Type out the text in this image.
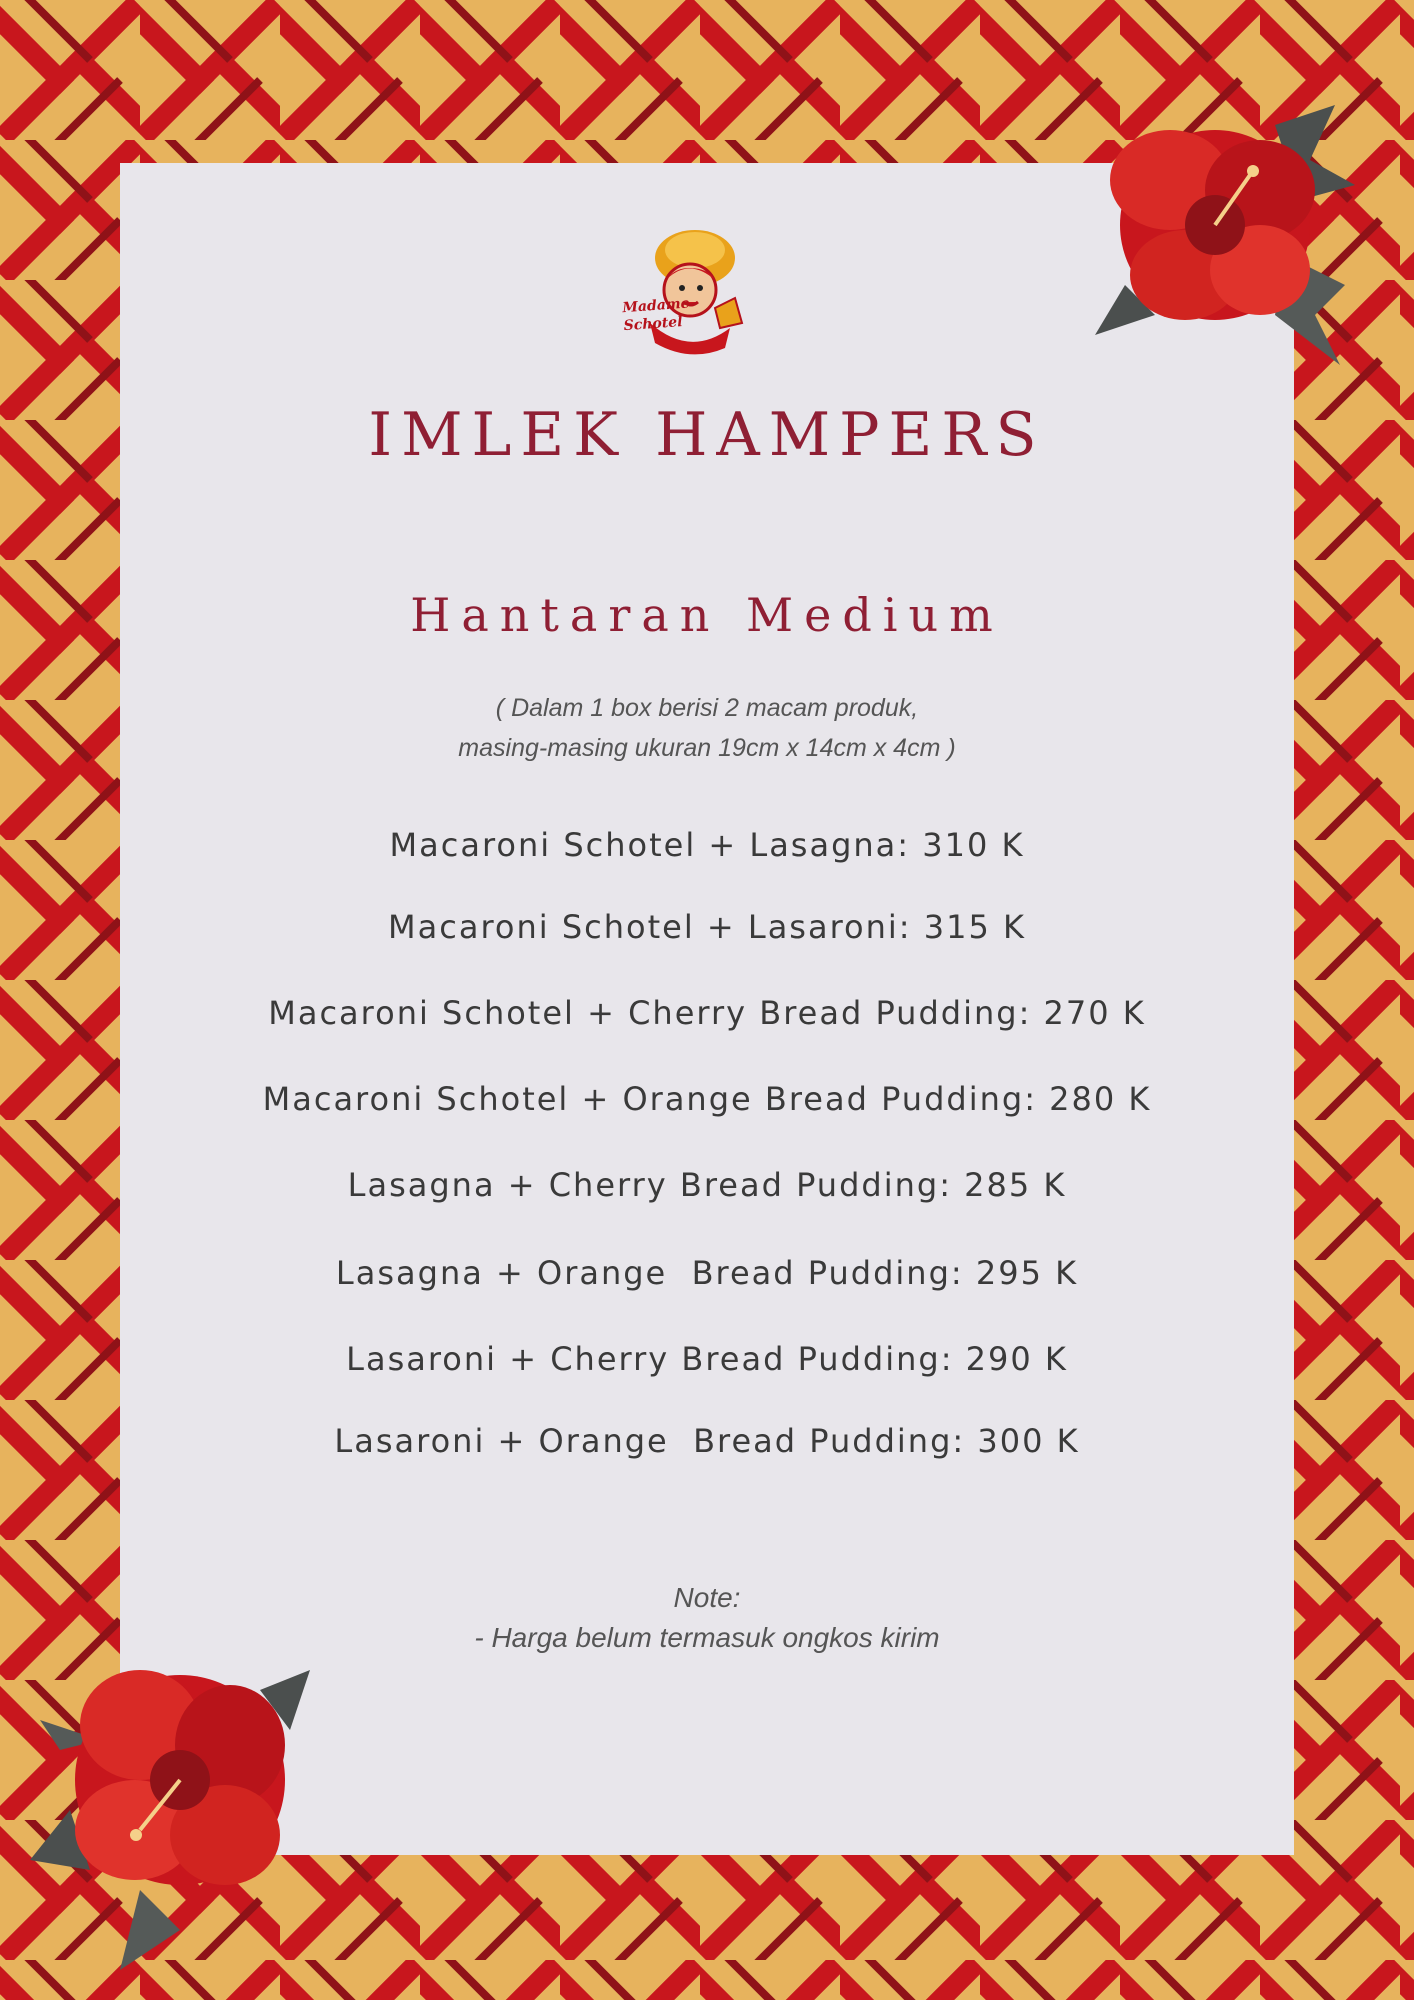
Madame
Schotel
IMLEK HAMPERS
Hantaran Medium
( Dalam 1 box berisi 2 macam produk,
masing-masing ukuran 19cm x 14cm x 4cm )
Macaroni Schotel + Lasagna: 310 K
Macaroni Schotel + Lasaroni: 315 K
Macaroni Schotel + Cherry Bread Pudding: 270 K
Macaroni Schotel + Orange Bread Pudding: 280 K
Lasagna + Cherry Bread Pudding: 285 K
Lasagna + Orange  Bread Pudding: 295 K
Lasaroni + Cherry Bread Pudding: 290 K
Lasaroni + Orange  Bread Pudding: 300 K
Note:
- Harga belum termasuk ongkos kirim
